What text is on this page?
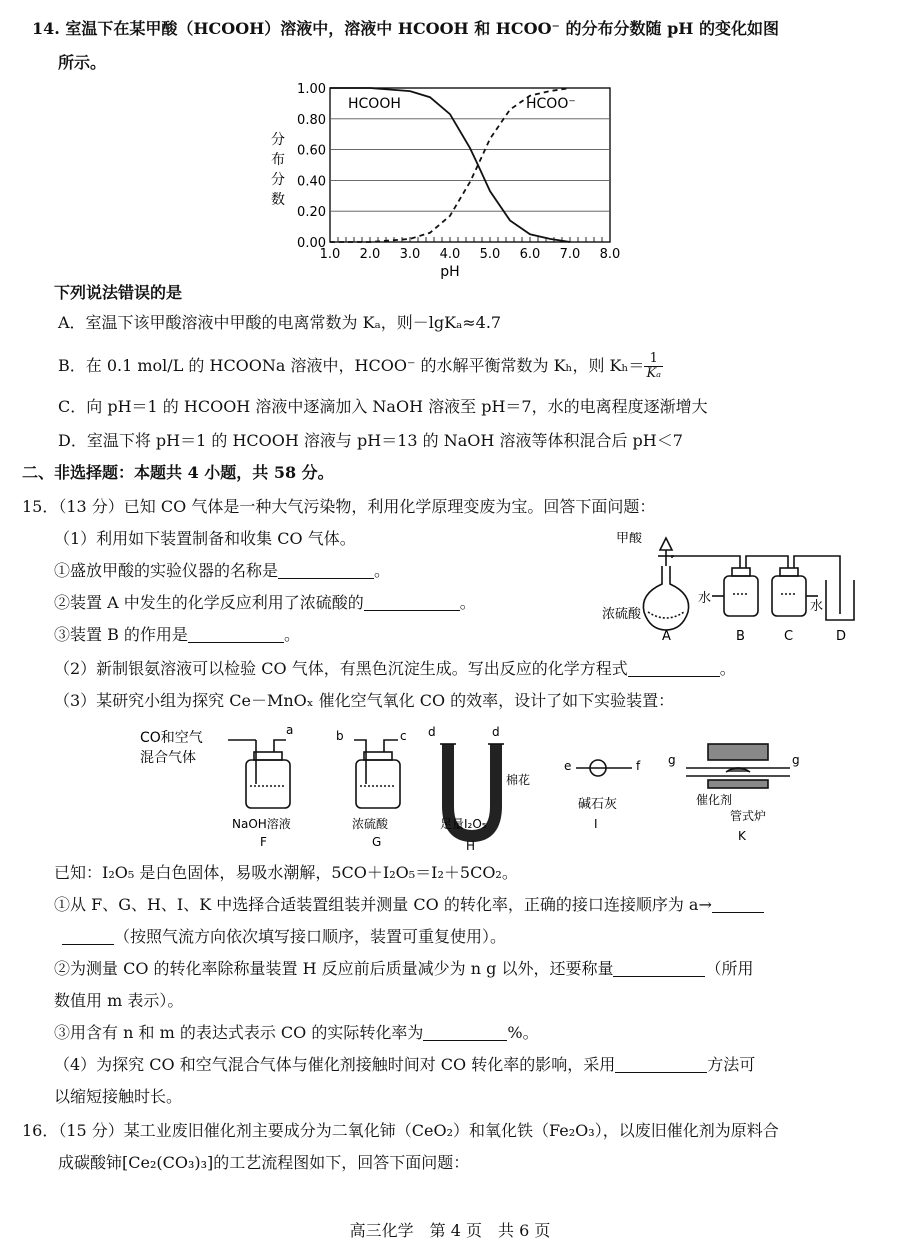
14. 室温下在某甲酸（HCOOH）溶液中，溶液中 HCOOH 和 HCOO⁻ 的分布分数随 pH 的变化如图
所示。
0.00
0.20
0.40
0.60
0.80
1.00
1.0 2.0 3.0 4.0 5.0 6.0 7.0 8.0
HCOOH	HCOO⁻
pH
分
布
分
数
下列说法错误的是
A．室温下该甲酸溶液中甲酸的电离常数为 Kₐ，则－lgKₐ≈4.7
B．在 0.1 mol/L 的 HCOONa 溶液中，HCOO⁻ 的水解平衡常数为 Kₕ，则 $K_h= \frac{1}{\text{Kₐ}}$
C．向 pH＝1 的 HCOOH 溶液中逐滴加入 NaOH 溶液至 pH＝7，水的电离程度逐渐增大
D．室温下将 pH＝1 的 HCOOH 溶液与 pH＝13 的 NaOH 溶液等体积混合后 pH＜7
二、非选择题：本题共 4 小题，共 58 分。
15．（13 分）已知 CO 气体是一种大气污染物，利用化学原理变废为宝。回答下面问题：
（1）利用如下装置制备和收集 CO 气体。
①盛放甲酸的实验仪器的名称是	。
②装置 A 中发生的化学反应利用了浓硫酸的	。
③装置 B 的作用是	。
甲酸
浓硫酸
水
水
A	B	C	D
（2）新制银氨溶液可以检验 CO 气体，有黑色沉淀生成。写出反应的化学方程式	。
（3）某研究小组为探究 Ce－MnOₓ 催化空气氧化 CO 的效率，设计了如下实验装置：
CO和空气
混合气体
a	b	c d	d
棉花
e	f g	g
NaOH溶液	浓硫酸	足量I₂O₅
碱石灰	催化剂
管式炉
F	G	H
I
K
已知：I₂O₅ 是白色固体，易吸水潮解，5CO＋I₂O₅＝I₂＋5CO₂。
①从 F、G、H、I、K 中选择合适装置组装并测量 CO 的转化率，正确的接口连接顺序为 a→
（按照气流方向依次填写接口顺序，装置可重复使用）。
②为测量 CO 的转化率除称量装置 H 反应前后质量减少为 n g 以外，还要称量	（所用
数值用 m 表示）。
③用含有 n 和 m 的表达式表示 CO 的实际转化率为	%。
（4）为探究 CO 和空气混合气体与催化剂接触时间对 CO 转化率的影响，采用	方法可
以缩短接触时长。
16．（15 分）某工业废旧催化剂主要成分为二氧化铈（CeO₂）和氧化铁（Fe₂O₃），以废旧催化剂为原料合
成碳酸铈[Ce₂(CO₃)₃]的工艺流程图如下，回答下面问题：
高三化学　第 4 页　共 6 页
